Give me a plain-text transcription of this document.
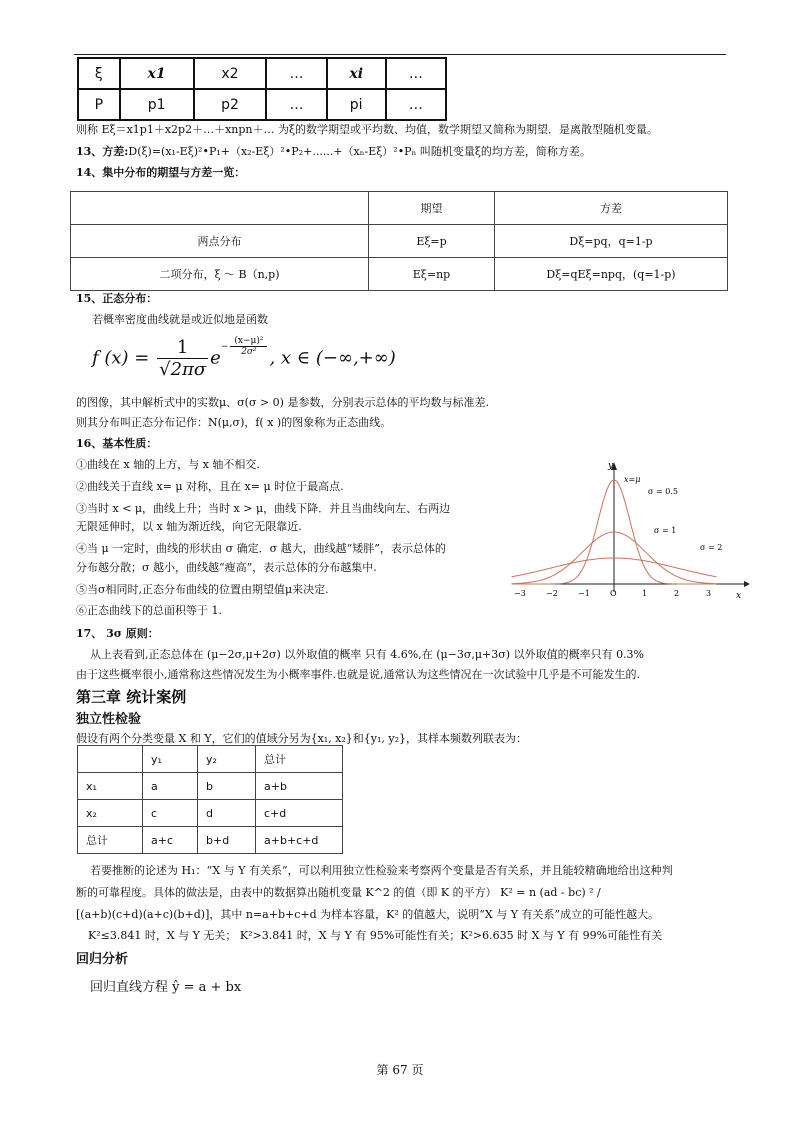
ξ	x1	x2	…	xi	…
P	p1	p2	…	pi	…
则称 Eξ＝x1p1＋x2p2＋…＋xnpn＋… 为ξ的数学期望或平均数、均值，数学期望又简称为期望．是离散型随机变量。
13、方差:D(ξ)=(x₁-Eξ)²•P₁+（x₂-Eξ）²•P₂+......+（xₙ-Eξ）²•Pₙ 叫随机变量ξ的均方差，简称方差。
14、集中分布的期望与方差一览：
	期望	方差
两点分布	Eξ=p	Dξ=pq，q=1-p
二项分布，ξ ～ B（n,p)	Eξ=np	Dξ=qEξ=npq，(q=1-p)
15、正态分布：
若概率密度曲线就是或近似地是函数
f $(x) = \frac{1}{√2\pi\sigma} e^{- \frac{\text{(x−μ)²}}{\text{2σ²}}}$
, x ∈ (−∞,+∞)
的图像，其中解析式中的实数μ、σ(σ > 0) 是参数，分别表示总体的平均数与标准差.
则其分布叫正态分布记作：N(μ,σ)，f( x )的图象称为正态曲线。
16、基本性质：
①曲线在 x 轴的上方，与 x 轴不相交.
②曲线关于直线 x= μ 对称，且在 x= μ 时位于最高点.
③当时 x < μ，曲线上升；当时 x > μ，曲线下降．并且当曲线向左、右两边
无限延伸时，以 x 轴为渐近线，向它无限靠近.
④当 μ 一定时，曲线的形状由 σ 确定．σ 越大，曲线越“矮胖”，表示总体的
分布越分散；σ 越小，曲线越“瘦高”，表示总体的分布越集中.
⑤当σ相同时,正态分布曲线的位置由期望值μ来决定.
⑥正态曲线下的总面积等于 1.
y
x
x=μ
σ = 0.5
σ = 1
σ = 2
−3	−2	−1	O	1	2	3
17、 3σ 原则：
从上表看到,正态总体在 (μ−2σ,μ+2σ) 以外取值的概率 只有 4.6%,在 (μ−3σ,μ+3σ) 以外取值的概率只有 0.3%
由于这些概率很小,通常称这些情况发生为小概率事件.也就是说,通常认为这些情况在一次试验中几乎是不可能发生的.
第三章 统计案例
独立性检验
假设有两个分类变量 X 和 Y，它们的值域分另为{x₁, x₂}和{y₁, y₂}，其样本频数列联表为：
	y₁	y₂	总计
x₁	a	b	a+b
x₂	c	d	c+d
总计	a+c	b+d	a+b+c+d
若要推断的论述为 H₁：“X 与 Y 有关系”，可以利用独立性检验来考察两个变量是否有关系，并且能较精确地给出这种判
断的可靠程度。具体的做法是，由表中的数据算出随机变量 K^2 的值（即 K 的平方） K² = n (ad - bc) ² /
[(a+b)(c+d)(a+c)(b+d)]，其中 n=a+b+c+d 为样本容量，K² 的值越大，说明“X 与 Y 有关系”成立的可能性越大。
K²≤3.841 时，X 与 Y 无关； K²>3.841 时，X 与 Y 有 95%可能性有关；K²>6.635 时 X 与 Y 有 99%可能性有关
回归分析
回归直线方程 ŷ = a + bx
第 67 页
